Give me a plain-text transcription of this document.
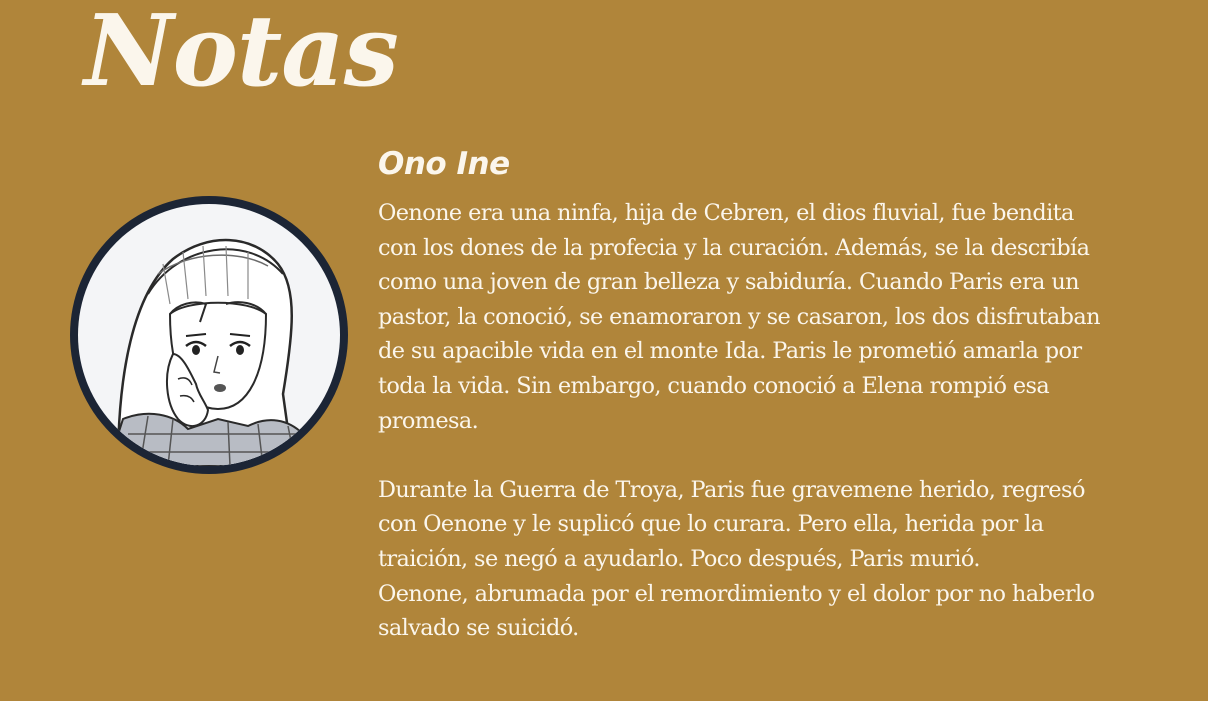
Notas
Ono Ine

Oenone era una ninfa, hija de Cebren, el dios fluvial, fue bendita

con los dones de la profecia y la curación. Además, se la describía

como una joven de gran belleza y sabiduría. Cuando Paris era un

pastor, la conoció, se enamoraron y se casaron, los dos disfrutaban

de su apacible vida en el monte Ida. Paris le prometió amarla por

toda la vida. Sin embargo, cuando conoció a Elena rompió esa

promesa.

Durante la Guerra de Troya, Paris fue gravemene herido, regresó

con Oenone y le suplicó que lo curara. Pero ella, herida por la

traición, se negó a ayudarlo. Poco después, Paris murió.

Oenone, abrumada por el remordimiento y el dolor por no haberlo

salvado se suicidó.
